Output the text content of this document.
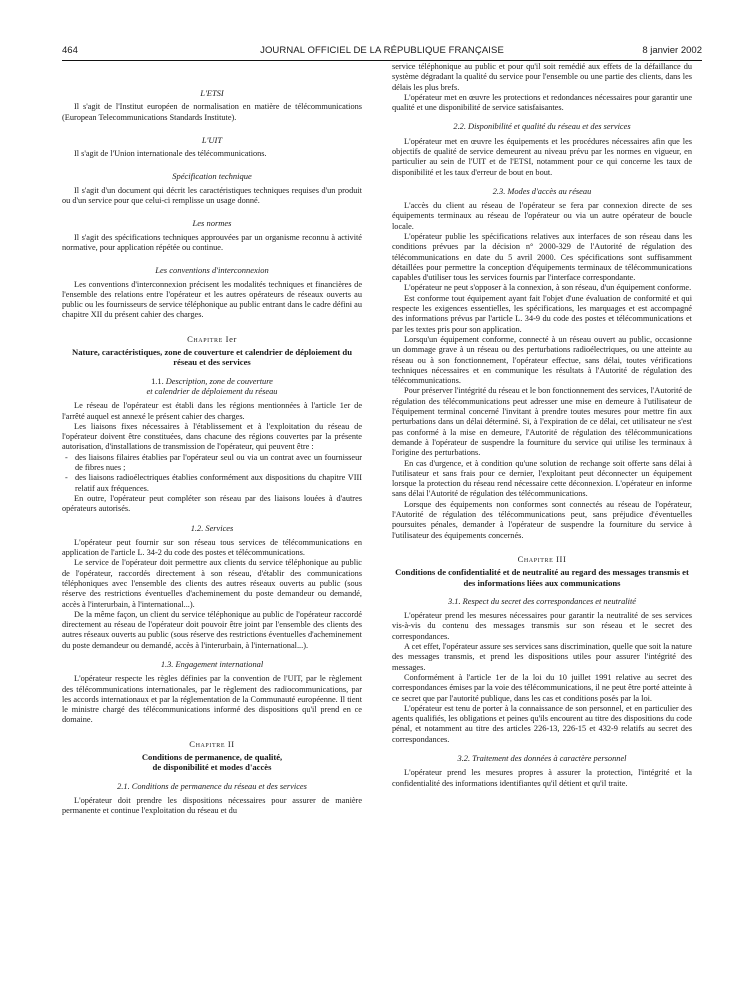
464	JOURNAL OFFICIEL DE LA RÉPUBLIQUE FRANÇAISE	8 janvier 2002
L'ETSI

Il s'agit de l'Institut européen de normalisation en matière de télécommunications (European Telecommunications Standards Institute).

L'UIT

Il s'agit de l'Union internationale des télécommunications.

Spécification technique

Il s'agit d'un document qui décrit les caractéristiques techniques requises d'un produit ou d'un service pour que celui-ci remplisse un usage donné.

Les normes

Il s'agit des spécifications techniques approuvées par un organisme reconnu à activité normative, pour application répétée ou continue.

Les conventions d'interconnexion

Les conventions d'interconnexion précisent les modalités techniques et financières de l'ensemble des relations entre l'opérateur et les autres opérateurs de réseaux ouverts au public ou les fournisseurs de service téléphonique au public entrant dans le cadre défini au chapitre XII du présent cahier des charges.

Chapitre Ier
Nature, caractéristiques, zone de couverture et calendrier de déploiement du réseau et des services
1.1. Description, zone de couverture
et calendrier de déploiement du réseau

Le réseau de l'opérateur est établi dans les régions mentionnées à l'article 1er de l'arrêté auquel est annexé le présent cahier des charges.

Les liaisons fixes nécessaires à l'établissement et à l'exploitation du réseau de l'opérateur doivent être constituées, dans chacune des régions couvertes par la présente autorisation, d'installations de transmission de l'opérateur, qui peuvent être :

- des liaisons filaires établies par l'opérateur seul ou via un contrat avec un fournisseur de fibres nues ;

- des liaisons radioélectriques établies conformément aux dispositions du chapitre VIII relatif aux fréquences.

En outre, l'opérateur peut compléter son réseau par des liaisons louées à d'autres opérateurs autorisés.

1.2. Services

L'opérateur peut fournir sur son réseau tous services de télécommunications en application de l'article L. 34-2 du code des postes et télécommunications.

Le service de l'opérateur doit permettre aux clients du service téléphonique au public de l'opérateur, raccordés directement à son réseau, d'établir des communications téléphoniques avec l'ensemble des clients des autres réseaux ouverts au public (sous réserve des restrictions éventuelles d'acheminement du poste demandeur ou demandé, accès à l'interurbain, à l'international...).

De la même façon, un client du service téléphonique au public de l'opérateur raccordé directement au réseau de l'opérateur doit pouvoir être joint par l'ensemble des clients des autres réseaux ouverts au public (sous réserve des restrictions éventuelles d'acheminement du poste demandeur ou demandé, accès à l'interurbain, à l'international...).

1.3. Engagement international

L'opérateur respecte les règles définies par la convention de l'UIT, par le règlement des télécommunications internationales, par le règlement des radiocommunications, par les accords internationaux et par la réglementation de la Communauté européenne. Il tient le ministre chargé des télécommunications informé des dispositions qu'il prend en ce domaine.

Chapitre II
Conditions de permanence, de qualité,
de disponibilité et modes d'accès
2.1. Conditions de permanence du réseau et des services

L'opérateur doit prendre les dispositions nécessaires pour assurer de manière permanente et continue l'exploitation du réseau et du

service téléphonique au public et pour qu'il soit remédié aux effets de la défaillance du système dégradant la qualité du service pour l'ensemble ou une partie des clients, dans les délais les plus brefs.

L'opérateur met en œuvre les protections et redondances nécessaires pour garantir une qualité et une disponibilité de service satisfaisantes.

2.2. Disponibilité et qualité du réseau et des services

L'opérateur met en œuvre les équipements et les procédures nécessaires afin que les objectifs de qualité de service demeurent au niveau prévu par les normes en vigueur, en particulier au sein de l'UIT et de l'ETSI, notamment pour ce qui concerne les taux de disponibilité et les taux d'erreur de bout en bout.

2.3. Modes d'accès au réseau

L'accès du client au réseau de l'opérateur se fera par connexion directe de ses équipements terminaux au réseau de l'opérateur ou via un autre opérateur de boucle locale.

L'opérateur publie les spécifications relatives aux interfaces de son réseau dans les conditions prévues par la décision n° 2000-329 de l'Autorité de régulation des télécommunications en date du 5 avril 2000. Ces spécifications sont suffisamment détaillées pour permettre la conception d'équipements terminaux de télécommunications capables d'utiliser tous les services fournis par l'interface correspondante.

L'opérateur ne peut s'opposer à la connexion, à son réseau, d'un équipement conforme.

Est conforme tout équipement ayant fait l'objet d'une évaluation de conformité et qui respecte les exigences essentielles, les spécifications, les marquages et est accompagné des informations prévus par l'article L. 34-9 du code des postes et télécommunications et par les textes pris pour son application.

Lorsqu'un équipement conforme, connecté à un réseau ouvert au public, occasionne un dommage grave à un réseau ou des perturbations radioélectriques, ou une atteinte au réseau ou à son fonctionnement, l'opérateur effectue, sans délai, toutes vérifications techniques nécessaires et en communique les résultats à l'Autorité de régulation des télécommunications.

Pour préserver l'intégrité du réseau et le bon fonctionnement des services, l'Autorité de régulation des télécommunications peut adresser une mise en demeure à l'utilisateur de l'équipement terminal concerné l'invitant à prendre toutes mesures pour mettre fin aux perturbations dans un délai déterminé. Si, à l'expiration de ce délai, cet utilisateur ne s'est pas conformé à la mise en demeure, l'Autorité de régulation des télécommunications demande à l'opérateur de suspendre la fourniture du service qui utilise les terminaux à l'origine des perturbations.

En cas d'urgence, et à condition qu'une solution de rechange soit offerte sans délai à l'utilisateur et sans frais pour ce dernier, l'exploitant peut déconnecter un équipement lorsque la protection du réseau rend nécessaire cette déconnexion. L'opérateur en informe sans délai l'Autorité de régulation des télécommunications.

Lorsque des équipements non conformes sont connectés au réseau de l'opérateur, l'Autorité de régulation des télécommunications peut, sans préjudice d'éventuelles poursuites pénales, demander à l'opérateur de suspendre la fourniture du service à l'utilisateur des équipements concernés.

Chapitre III
Conditions de confidentialité et de neutralité au regard des messages transmis et des informations liées aux communications
3.1. Respect du secret des correspondances et neutralité

L'opérateur prend les mesures nécessaires pour garantir la neutralité de ses services vis-à-vis du contenu des messages transmis sur son réseau et le secret des correspondances.

A cet effet, l'opérateur assure ses services sans discrimination, quelle que soit la nature des messages transmis, et prend les dispositions utiles pour assurer l'intégrité des messages.

Conformément à l'article 1er de la loi du 10 juillet 1991 relative au secret des correspondances émises par la voie des télécommunications, il ne peut être porté atteinte à ce secret que par l'autorité publique, dans les cas et conditions posés par la loi.

L'opérateur est tenu de porter à la connaissance de son personnel, et en particulier des agents qualifiés, les obligations et peines qu'ils encourent au titre des dispositions du code pénal, et notamment au titre des articles 226-13, 226-15 et 432-9 relatifs au secret des correspondances.

3.2. Traitement des données à caractère personnel

L'opérateur prend les mesures propres à assurer la protection, l'intégrité et la confidentialité des informations identifiantes qu'il détient et qu'il traite.
